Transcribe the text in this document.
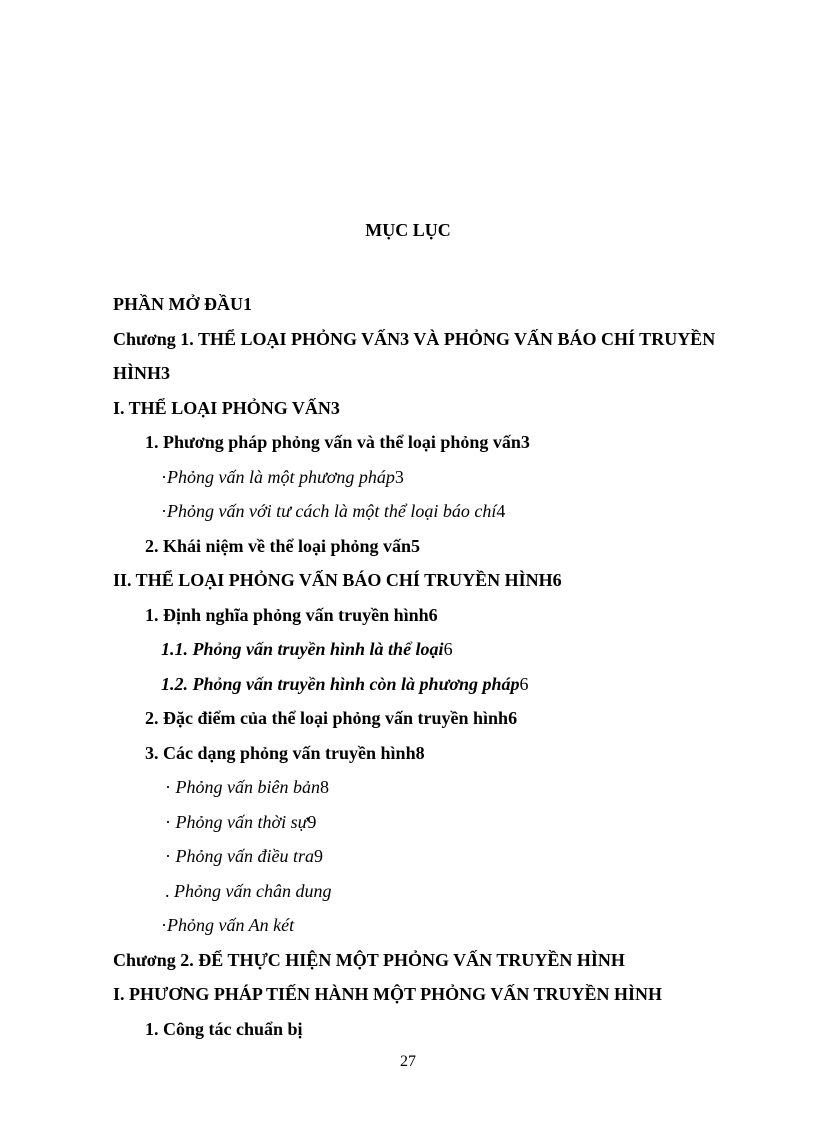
MỤC LỤC
PHẦN MỞ ĐẦU1
Chương 1. THỂ LOẠI PHỎNG VẤN3 VÀ PHỎNG VẤN BÁO CHÍ TRUYỀN HÌNH3
I. THỂ LOẠI PHỎNG VẤN3
1. Phương pháp phỏng vấn và thể loại phỏng vấn3
·Phỏng vấn là một phương pháp3
·Phỏng vấn với tư cách là một thể loại báo chí4
2. Khái niệm về thể loại phỏng vấn5
II. THỂ LOẠI PHỎNG VẤN BÁO CHÍ TRUYỀN HÌNH6
1. Định nghĩa phỏng vấn truyền hình6
1.1. Phỏng vấn truyền hình là thể loại6
1.2. Phỏng vấn truyền hình còn là phương pháp6
2. Đặc điểm của thể loại phỏng vấn truyền hình6
3. Các dạng phỏng vấn truyền hình8
· Phỏng vấn biên bản8
· Phỏng vấn thời sự9
· Phỏng vấn điều tra9
. Phỏng vấn chân dung
·Phỏng vấn An két
Chương 2. ĐỂ THỰC HIỆN MỘT PHỎNG VẤN TRUYỀN HÌNH
I. PHƯƠNG PHÁP TIẾN HÀNH MỘT PHỎNG VẤN TRUYỀN HÌNH
1. Công tác chuẩn bị
27
